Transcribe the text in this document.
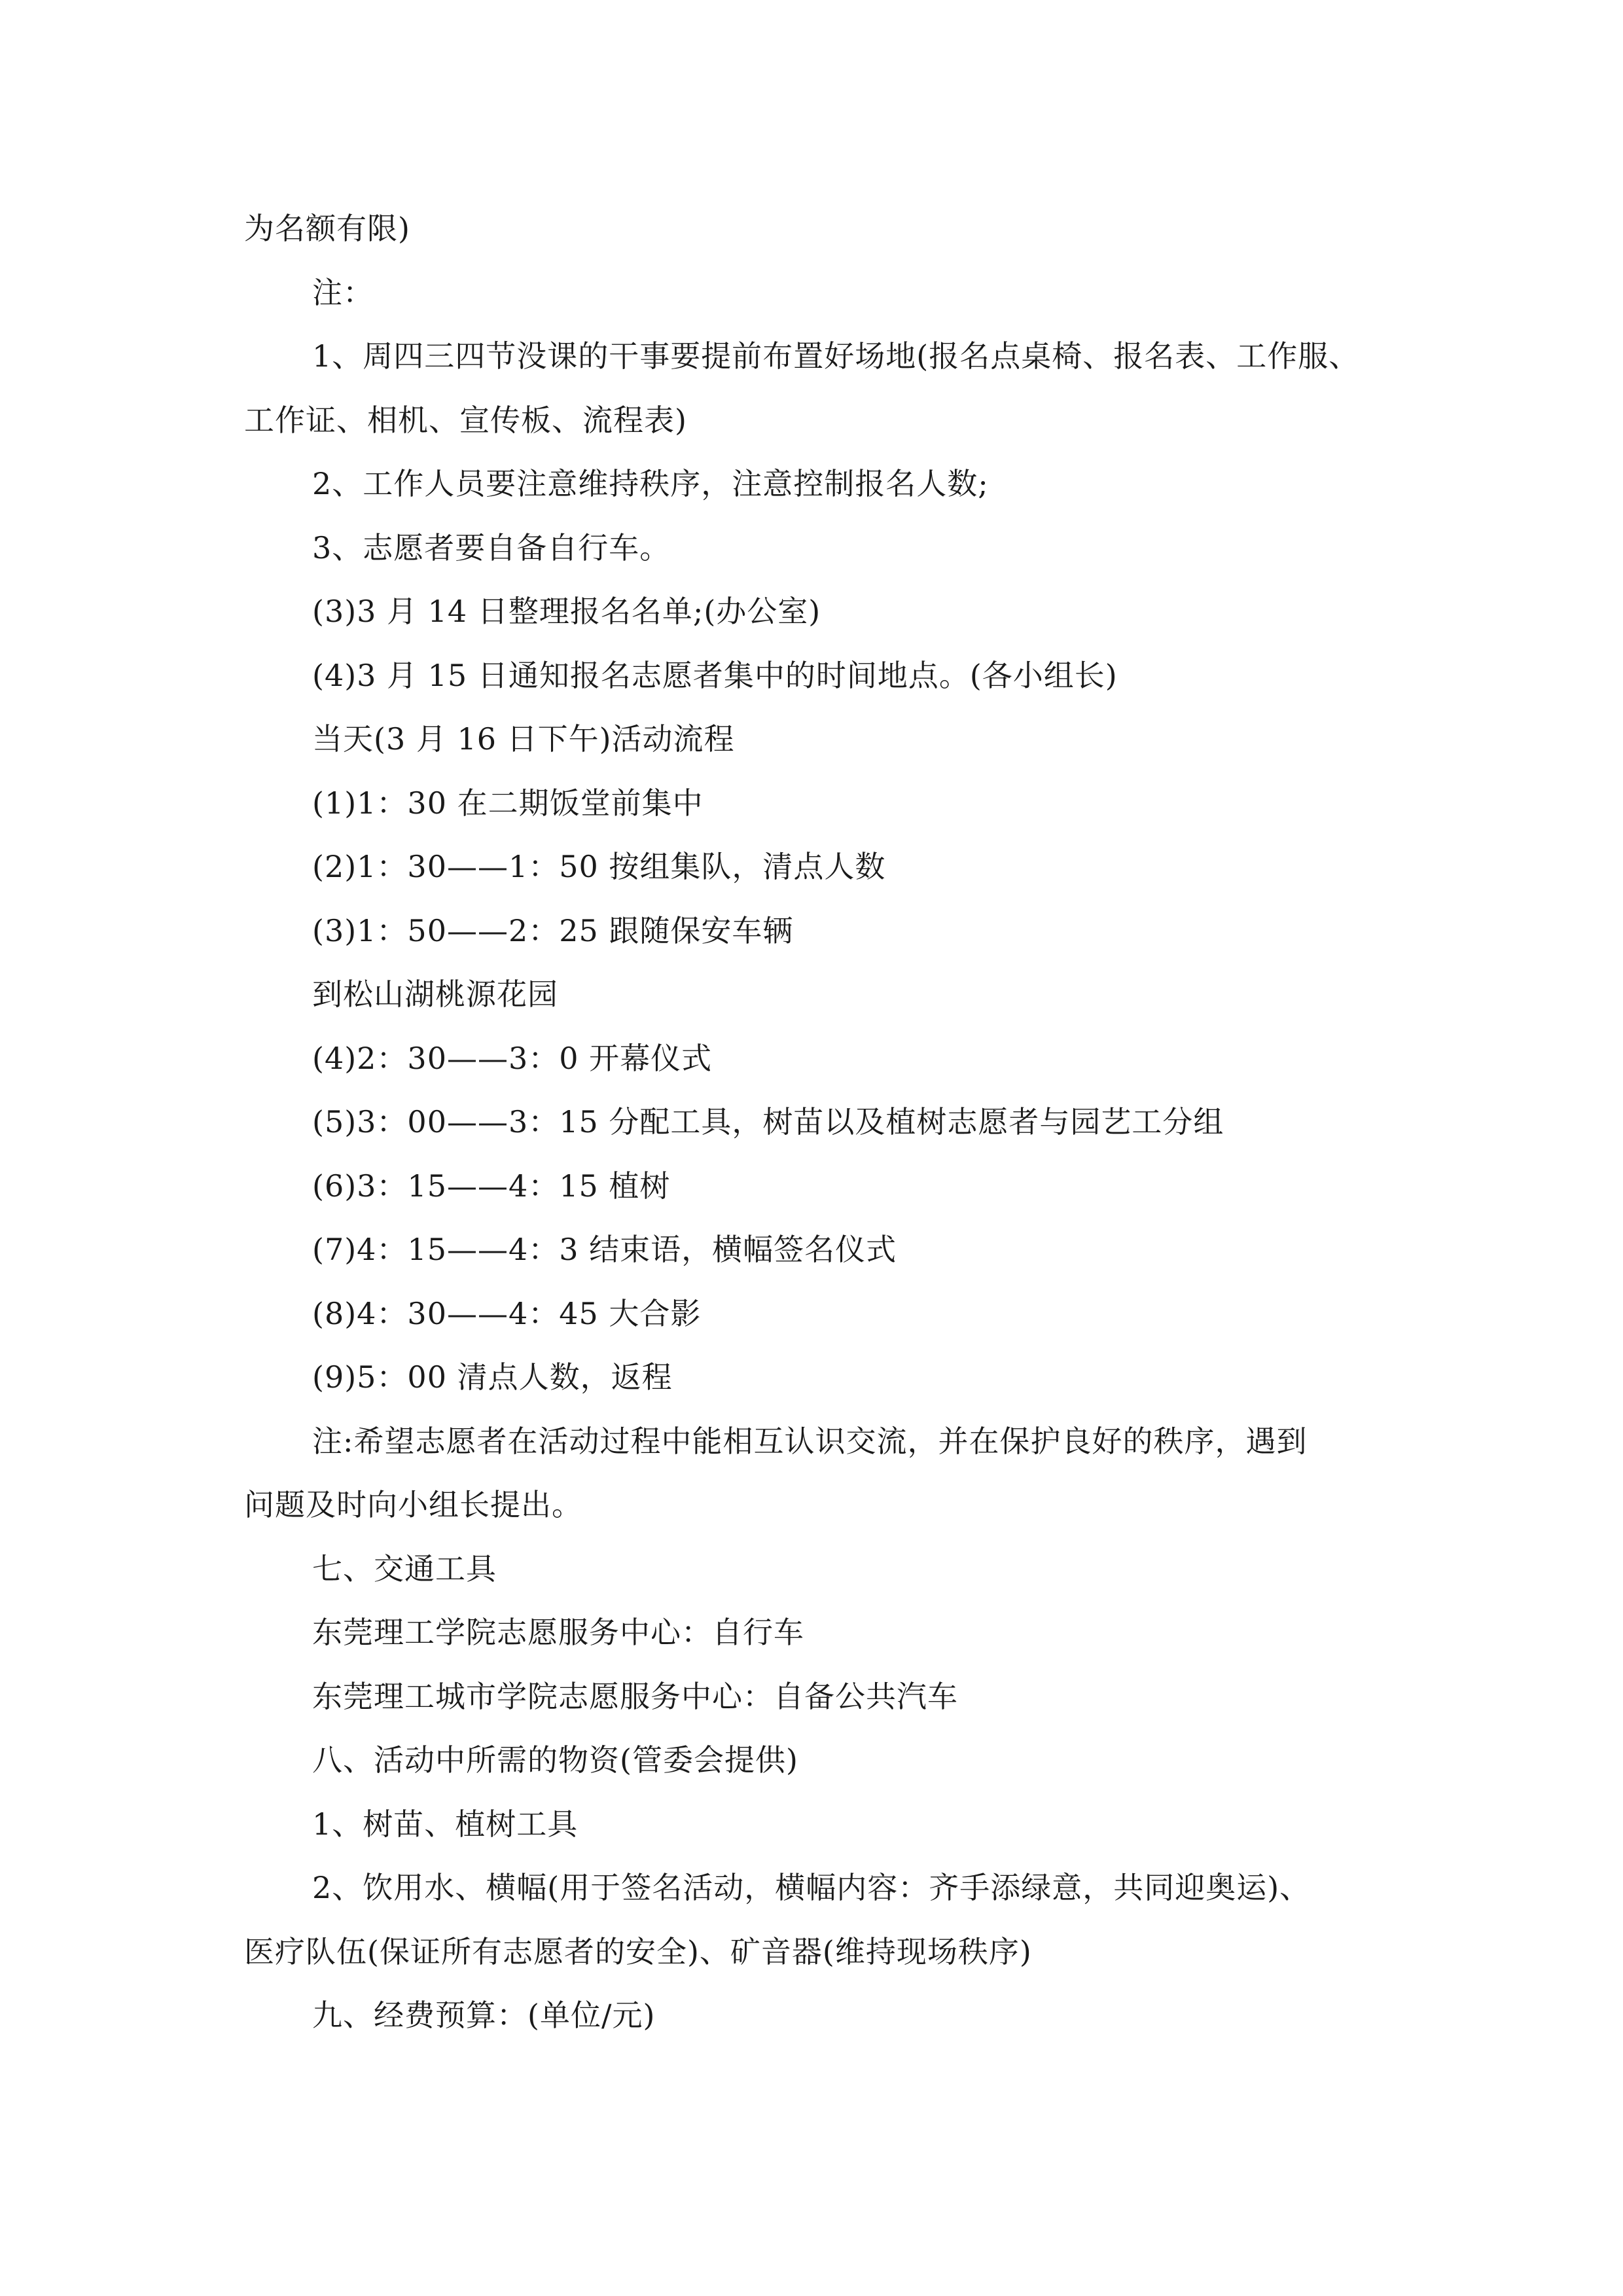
为名额有限)
注：
1、周四三四节没课的干事要提前布置好场地(报名点桌椅、报名表、工作服、
工作证、相机、宣传板、流程表)
2、工作人员要注意维持秩序，注意控制报名人数;
3、志愿者要自备自行车。
(3)3 月 14 日整理报名名单;(办公室)
(4)3 月 15 日通知报名志愿者集中的时间地点。(各小组长)
当天(3 月 16 日下午)活动流程
(1)1：30 在二期饭堂前集中
(2)1：30——1：50 按组集队，清点人数
(3)1：50——2：25 跟随保安车辆
到松山湖桃源花园
(4)2：30——3：0 开幕仪式
(5)3：00——3：15 分配工具，树苗以及植树志愿者与园艺工分组
(6)3：15——4：15 植树
(7)4：15——4：3 结束语，横幅签名仪式
(8)4：30——4：45 大合影
(9)5：00 清点人数，返程
注:希望志愿者在活动过程中能相互认识交流，并在保护良好的秩序，遇到
问题及时向小组长提出。
七、交通工具
东莞理工学院志愿服务中心：自行车
东莞理工城市学院志愿服务中心：自备公共汽车
八、活动中所需的物资(管委会提供)
1、树苗、植树工具
2、饮用水、横幅(用于签名活动，横幅内容：齐手添绿意，共同迎奥运)、
医疗队伍(保证所有志愿者的安全)、矿音器(维持现场秩序)
九、经费预算：(单位/元)
